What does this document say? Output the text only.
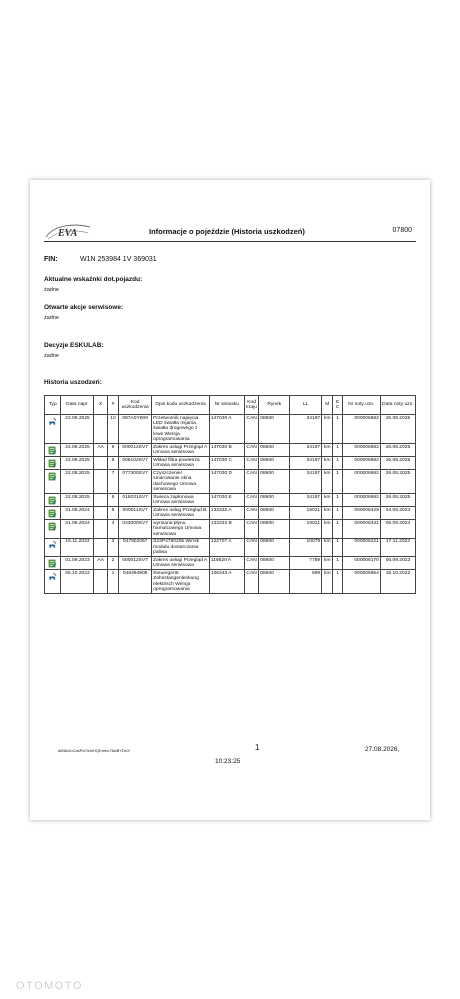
EVA	Informacje o pojeździe (Historia uszkodzeń)	07800
FIN:	W1N 253984 1V 369031
Aktualne wskaźnki dot.pojazdu:
żadne
Otwarte akcje serwisowe:
żadne
Decyzje ESKULAB:
żadne
Historia uszodzeń:
Typ	Data napr.	X	#	Kod uszkodzenia	Opis kodu uszkodzenia	Nr wniosku	Kod kraju	Rynek	LL	M	E C	Nr noty uzn.	Data noty uzn.

	22.08.2025		10	087A0Y908	Przetwornik napięcia LED światła mijania, światła drogowego z lewe Wersja oprogramowania	147030 A	CAN	08600	34197	km	1	000006682	26.08.2025

	22.08.2025	AA	9	000012SV7	Zakres usługi Przegląd A Umowa serwisowa	147030 B	CAN	08600	34197	km	1	000006682	26.08.2025

	22.08.2025		8	009102SV7	Wkład filtra powietrza Umowa serwisowa	147030 C	CAN	08600	34197	km	1	000006682	26.08.2025

	22.08.2025		7	077300SV7	Czyszczenie/ smarowanie okna dachowego Umowa serwisowa	147030 D	CAN	08600	34197	km	1	000006682	26.08.2025

	22.08.2025		6	015031SV7	Świeca zapłonowa Umowa serwisowa	147030 E	CAN	08600	34197	km	1	000006682	26.08.2025

	31.08.2024		5	000011SV7	Zakres usług Przegląd B Umowa serwisowa	133332 A	CAN	08600	19021	km	1	000006429	04.09.2024

	31.08.2024		4	043000SV7	wymiana płynu hamulcowego Umowa serwisowa	133332 B	CAN	08600	19021	km	1	000006431	06.09.2024

	15.11.2023		3	047902057	S23P4790205 Wirnik modułu dostarczania paliwa	122707 A	CAN	08600	10079	km	1	000006221	17.11.2023

	01.09.2023	AA	2	000012SV7	Zakres usługi Przegląd A Umowa serwisowa	119520 A	CAN	08600	7789	km	1	000006170	06.09.2023

	05.10.2022		1	046494908	Steuergerät Zahnstangenlenkung elektrisch Wersja oprogramowania	106343 A	CAN	08600	599	km	1	000005954	15.10.2022
dtMAUnCakPcCWnHQKmhc76wBYDnX	1	27.08.2026,
10:23:25
OTOMOTO
